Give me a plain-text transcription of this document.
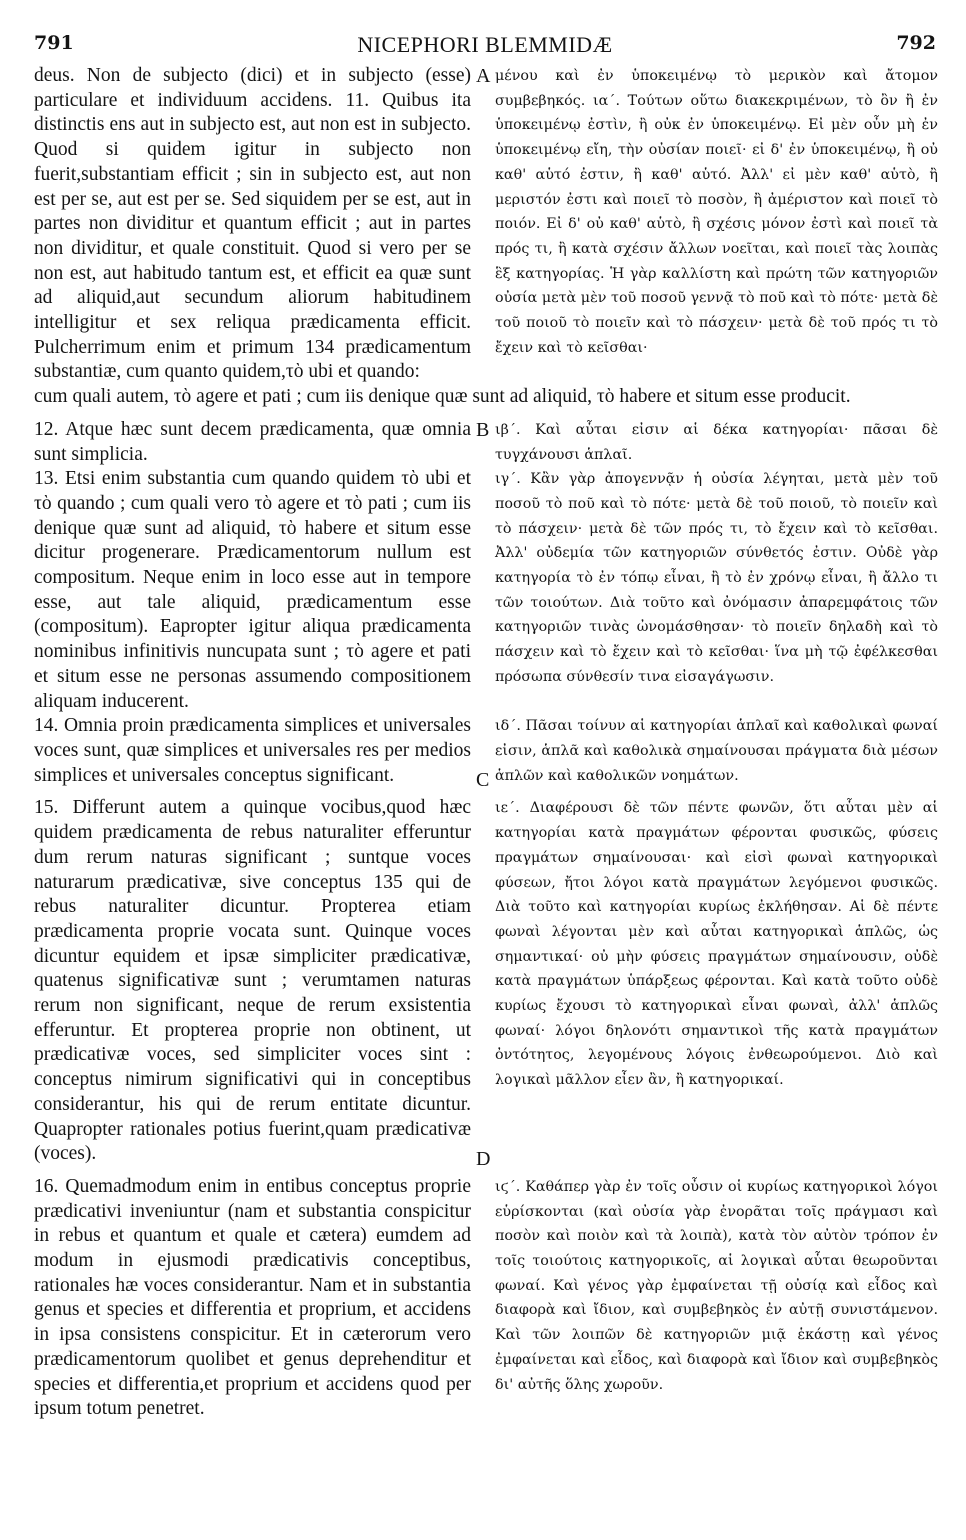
791	NICEPHORI BLEMMIDÆ	792
A

deus. Non de subjecto (dici) et in subjecto (esse) particulare et individuum accidens. 11. Quibus ita distinctis ens aut in subjecto est, aut non est in subjecto. Quod si quidem igitur in subjecto non fuerit,substantiam efficit ; sin in subjecto est, aut non est per se, aut est per se. Sed siquidem per se est, aut in partes non dividitur et quantum efficit ; aut in partes non dividitur, et quale constituit. Quod si vero per se non est, aut habitudo tantum est, et efficit ea quæ sunt ad aliquid,aut secundum aliorum habitudinem intelligitur et sex reliqua prædicamenta efficit. Pulcherrimum enim et primum 134 prædicamentum substantiæ, cum quanto quidem,τὸ ubi et quando:

μένου καὶ ἐν ὑποκειμένῳ τὸ μερικὸν καὶ ἄτομον συμβεβηκός. ια΄. Τούτων οὕτω διακεκριμένων, τὸ ὂν ἢ ἐν ὑποκειμένῳ ἐστὶν, ἢ οὐκ ἐν ὑποκειμένῳ. Εἰ μὲν οὖν μὴ ἐν ὑποκειμένῳ εἴη, τὴν οὐσίαν ποιεῖ· εἰ δ' ἐν ὑποκειμένῳ, ἢ οὐ καθ' αὑτό ἐστιν, ἢ καθ' αὑτό. Ἀλλ' εἰ μὲν καθ' αὑτὸ, ἢ μεριστόν ἐστι καὶ ποιεῖ τὸ ποσὸν, ἢ ἀμέριστον καὶ ποιεῖ τὸ ποιόν. Εἰ δ' οὐ καθ' αὑτὸ, ἢ σχέσις μόνον ἐστὶ καὶ ποιεῖ τὰ πρός τι, ἢ κατὰ σχέσιν ἄλλων νοεῖται, καὶ ποιεῖ τὰς λοιπὰς ἓξ κατηγορίας. Ἡ γὰρ καλλίστη καὶ πρώτη τῶν κατηγοριῶν οὐσία μετὰ μὲν τοῦ ποσοῦ γεννᾷ τὸ ποῦ καὶ τὸ πότε· μετὰ δὲ τοῦ ποιοῦ τὸ ποιεῖν καὶ τὸ πάσχειν· μετὰ δὲ τοῦ πρός τι τὸ ἔχειν καὶ τὸ κεῖσθαι·

cum quali autem, τὸ agere et pati ; cum iis denique quæ sunt ad aliquid, τὸ habere et situm esse producit.
B

12. Atque hæc sunt decem prædicamenta, quæ omnia sunt simplicia.

ιβ΄. Καὶ αὗται εἰσιν αἱ δέκα κατηγορίαι· πᾶσαι δὲ τυγχάνουσι ἁπλαῖ.

13. Etsi enim substantia cum quando quidem τὸ ubi et τὸ quando ; cum quali vero τὸ agere et τὸ pati ; cum iis denique quæ sunt ad aliquid, τὸ habere et situm esse dicitur progenerare. Prædicamentorum nullum est compositum. Neque enim in loco esse aut in tempore esse, aut tale aliquid, prædicamentum esse (compositum). Eapropter igitur aliqua prædicamenta nominibus infinitivis nuncupata sunt ; τὸ agere et pati et situm esse ne personas assumendo compositionem aliquam inducerent.

ιγ΄. Κἂν γὰρ ἀπογεννᾷν ἡ οὐσία λέγηται, μετὰ μὲν τοῦ ποσοῦ τὸ ποῦ καὶ τὸ πότε· μετὰ δὲ τοῦ ποιοῦ, τὸ ποιεῖν καὶ τὸ πάσχειν· μετὰ δὲ τῶν πρός τι, τὸ ἔχειν καὶ τὸ κεῖσθαι. Ἀλλ' οὐδεμία τῶν κατηγοριῶν σύνθετός ἐστιν. Οὐδὲ γὰρ κατηγορία τὸ ἐν τόπῳ εἶναι, ἢ τὸ ἐν χρόνῳ εἶναι, ἢ ἄλλο τι τῶν τοιούτων. Διὰ τοῦτο καὶ ὀνόμασιν ἀπαρεμφάτοις τῶν κατηγοριῶν τινὰς ὠνομάσθησαν· τὸ ποιεῖν δηλαδὴ καὶ τὸ πάσχειν καὶ τὸ ἔχειν καὶ τὸ κεῖσθαι· ἵνα μὴ τῷ ἐφέλκεσθαι πρόσωπα σύνθεσίν τινα εἰσαγάγωσιν.

C

14. Omnia proin prædicamenta simplices et universales voces sunt, quæ simplices et universales res per medios simplices et universales conceptus significant.

ιδ΄. Πᾶσαι τοίνυν αἱ κατηγορίαι ἁπλαῖ καὶ καθολικαὶ φωναί εἰσιν, ἁπλᾶ καὶ καθολικὰ σημαίνουσαι πράγματα διὰ μέσων ἁπλῶν καὶ καθολικῶν νοημάτων.

D

15. Differunt autem a quinque vocibus,quod hæc quidem prædicamenta de rebus naturaliter efferuntur dum rerum naturas significant ; suntque voces naturarum prædicativæ, sive conceptus 135 qui de rebus naturaliter dicuntur. Propterea etiam prædicamenta proprie vocata sunt. Quinque voces dicuntur equidem et ipsæ simpliciter prædicativæ, quatenus significativæ sunt ; verumtamen naturas rerum non significant, neque de rerum exsistentia efferuntur. Et propterea proprie non obtinent, ut prædicativæ voces, sed simpliciter voces sint : conceptus nimirum significativi qui in conceptibus considerantur, his qui de rerum entitate dicuntur. Quapropter rationales potius fuerint,quam prædicativæ (voces).

ιε΄. Διαφέρουσι δὲ τῶν πέντε φωνῶν, ὅτι αὗται μὲν αἱ κατηγορίαι κατὰ πραγμάτων φέρονται φυσικῶς, φύσεις πραγμάτων σημαίνουσαι· καὶ εἰσὶ φωναὶ κατηγορικαὶ φύσεων, ἤτοι λόγοι κατὰ πραγμάτων λεγόμενοι φυσικῶς. Διὰ τοῦτο καὶ κατηγορίαι κυρίως ἐκλήθησαν. Αἱ δὲ πέντε φωναὶ λέγονται μὲν καὶ αὗται κατηγορικαὶ ἁπλῶς, ὡς σημαντικαί· οὐ μὴν φύσεις πραγμάτων σημαίνουσιν, οὐδὲ κατὰ πραγμάτων ὑπάρξεως φέρονται. Καὶ κατὰ τοῦτο οὐδὲ κυρίως ἔχουσι τὸ κατηγορικαὶ εἶναι φωναὶ, ἀλλ' ἁπλῶς φωναί· λόγοι δηλονότι σημαντικοὶ τῆς κατὰ πραγμάτων ὀντότητος, λεγομένους λόγοις ἐνθεωρούμενοι. Διὸ καὶ λογικαὶ μᾶλλον εἶεν ἂν, ἢ κατηγορικαί.

16. Quemadmodum enim in entibus conceptus proprie prædicativi inveniuntur (nam et substantia conspicitur in rebus et quantum et quale et cætera) eumdem ad modum in ejusmodi prædicativis conceptibus, rationales hæ voces considerantur. Nam et in substantia genus et species et differentia et proprium, et accidens in ipsa consistens conspicitur. Et in cæterorum vero prædicamentorum quolibet et genus deprehenditur et species et differentia,et proprium et accidens quod per ipsum totum penetret.

ιϛ΄. Καθάπερ γὰρ ἐν τοῖς οὖσιν οἱ κυρίως κατηγορικοὶ λόγοι εὑρίσκονται (καὶ οὐσία γὰρ ἐνορᾶται τοῖς πράγμασι καὶ ποσὸν καὶ ποιὸν καὶ τὰ λοιπὰ), κατὰ τὸν αὐτὸν τρόπον ἐν τοῖς τοιούτοις κατηγορικοῖς, αἱ λογικαὶ αὗται θεωροῦνται φωναί. Καὶ γένος γὰρ ἐμφαίνεται τῇ οὐσίᾳ καὶ εἶδος καὶ διαφορὰ καὶ ἴδιον, καὶ συμβεβηκὸς ἐν αὐτῇ συνιστάμενον. Καὶ τῶν λοιπῶν δὲ κατηγοριῶν μιᾷ ἑκάστῃ καὶ γένος ἐμφαίνεται καὶ εἶδος, καὶ διαφορὰ καὶ ἴδιον καὶ συμβεβηκὸς δι' αὐτῆς ὅλης χωροῦν.
